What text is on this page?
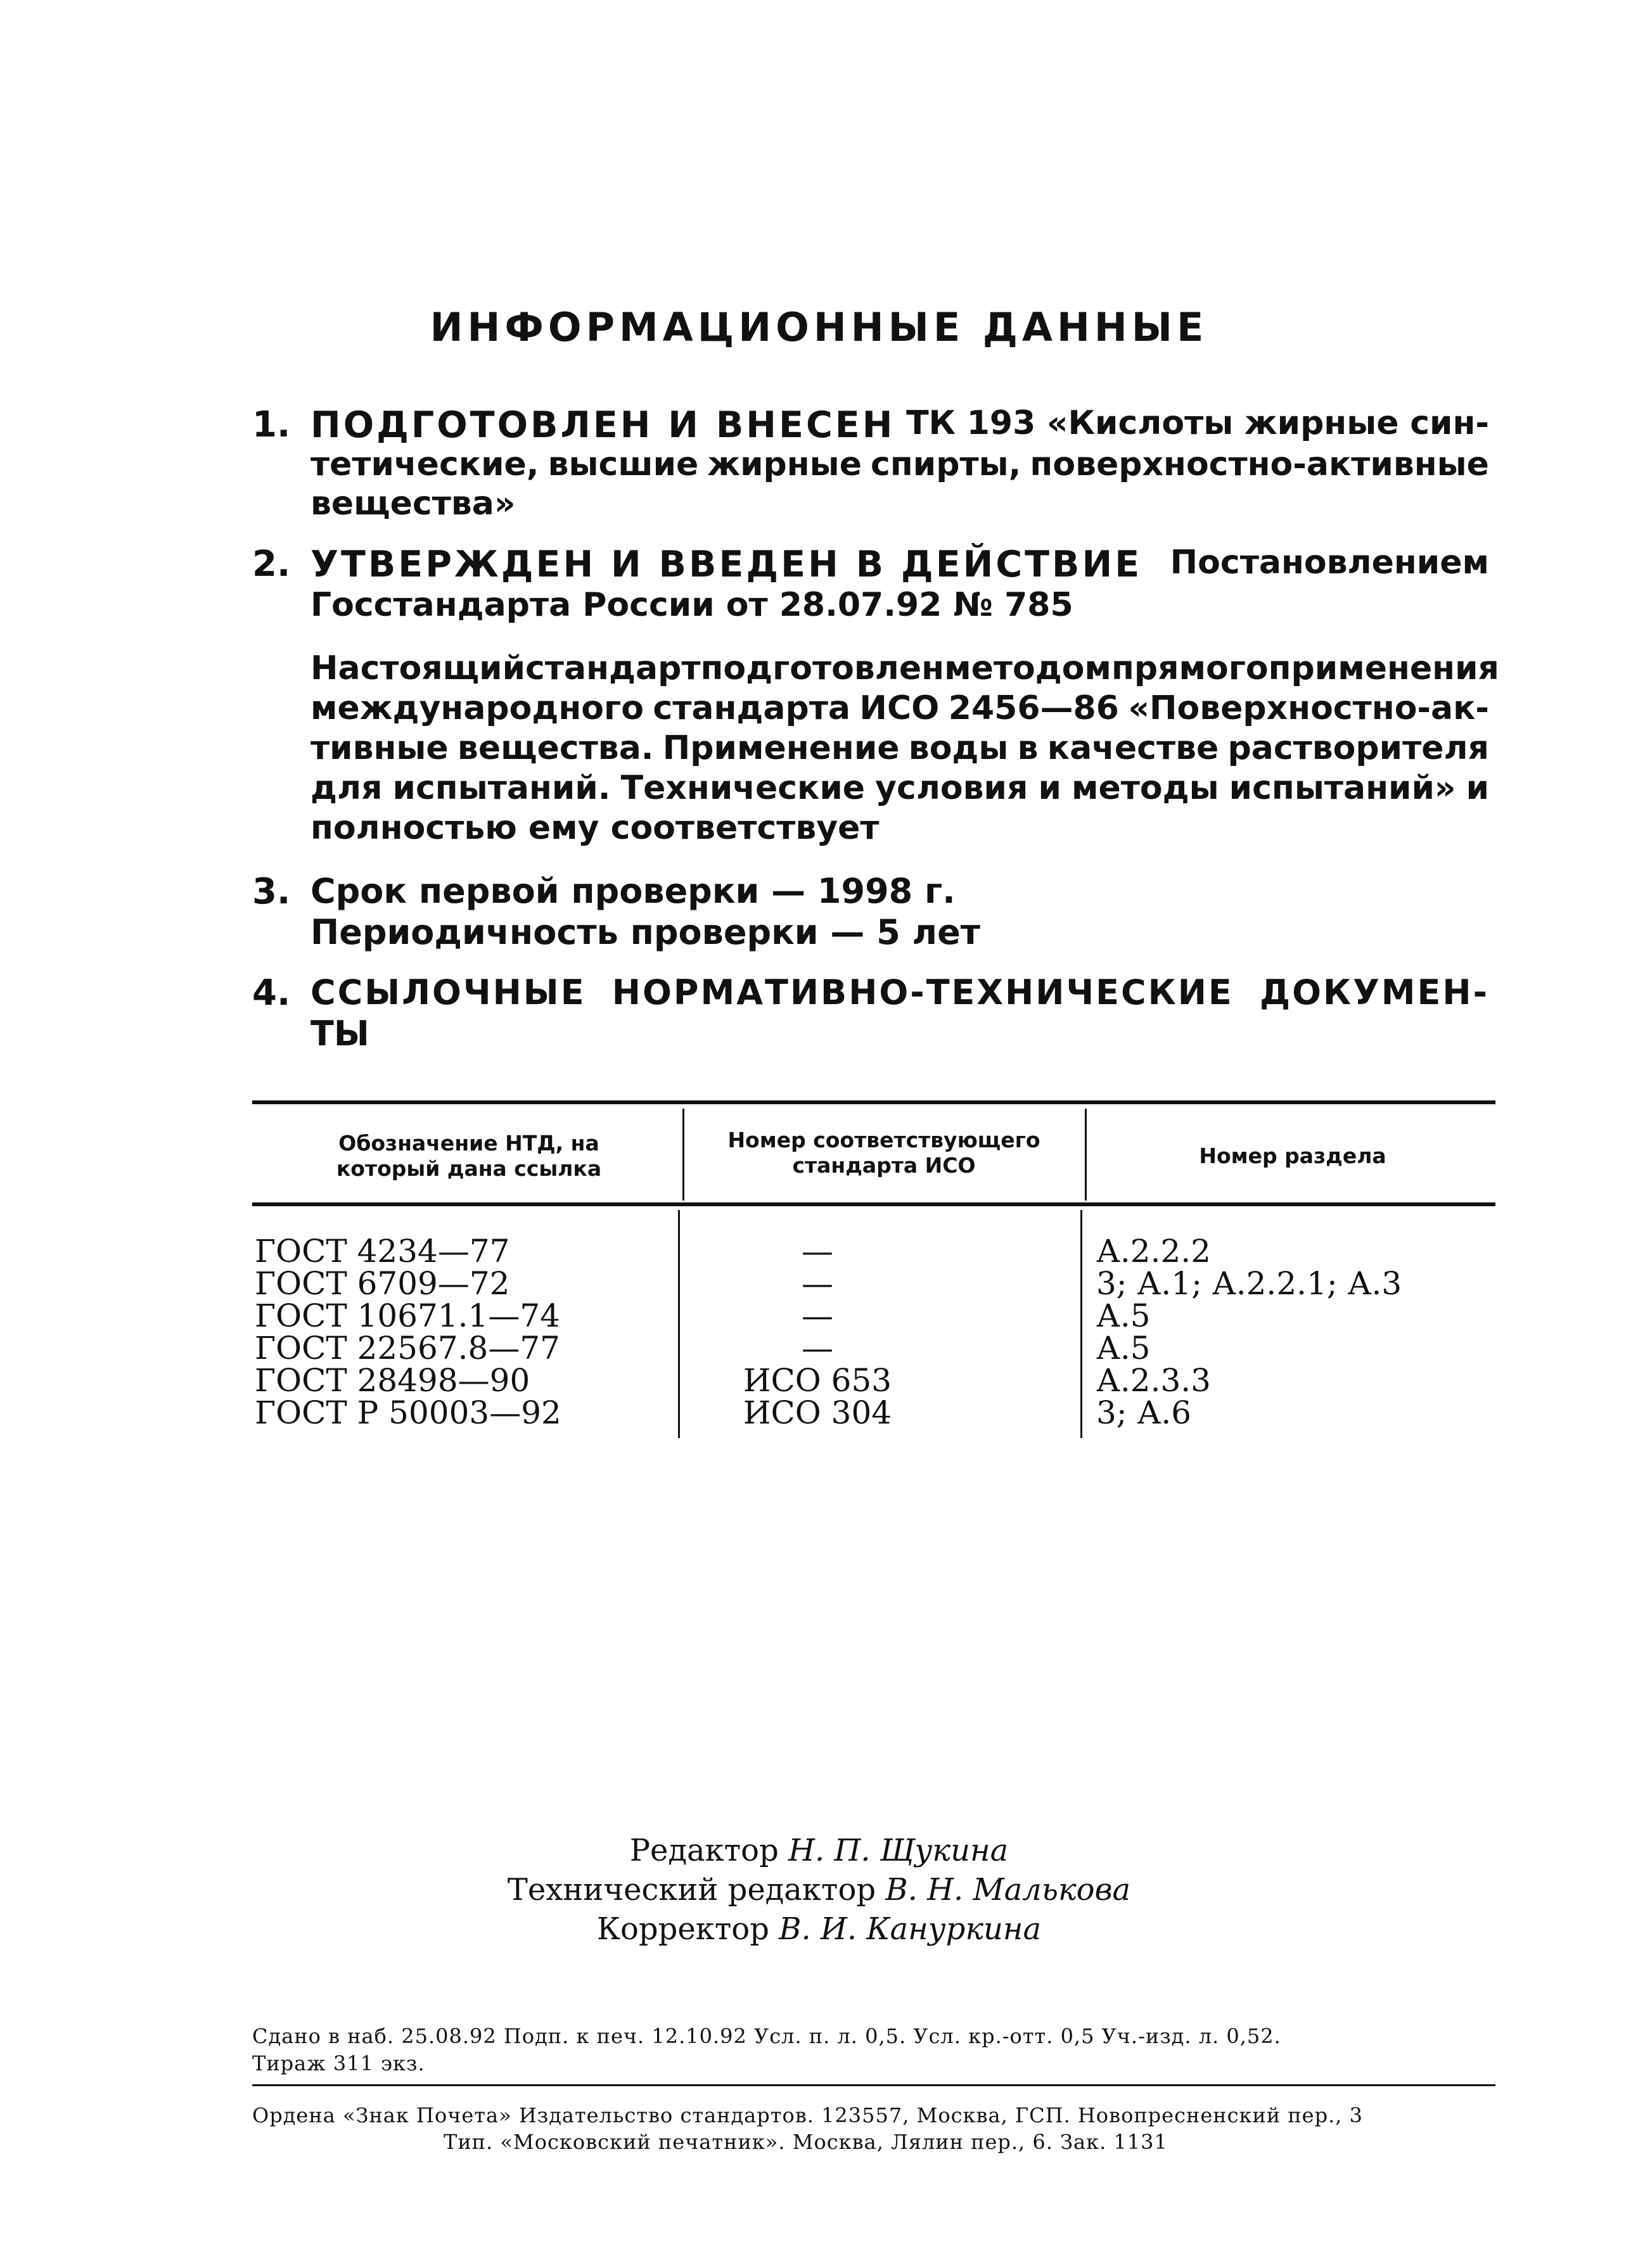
ИНФОРМАЦИОННЫЕ ДАННЫЕ
1. ПОДГОТОВЛЕН И ВНЕСЕН ТК 193 «Кислоты жирные син-
тетические, высшие жирные спирты, поверхностно-активные
вещества»
2. УТВЕРЖДЕН И ВВЕДЕН В ДЕЙСТВИЕ Постановлением
Госстандарта России от 28.07.92 № 785
Настоящий стандарт подготовлен методом прямого применения
международного стандарта ИСО 2456—86 «Поверхностно-ак-
тивные вещества. Применение воды в качестве растворителя
для испытаний. Технические условия и методы испытаний» и
полностью ему соответствует
3. Срок первой проверки — 1998 г.
Периодичность проверки — 5 лет
4. ССЫЛОЧНЫЕ НОРМАТИВНО-ТЕХНИЧЕСКИЕ ДОКУМЕН-
ТЫ
Обозначение НТД, на
который дана ссылка
Номер соответствующего
стандарта ИСО	Номер раздела
ГОСТ 4234—77
ГОСТ 6709—72
ГОСТ 10671.1—74
ГОСТ 22567.8—77
ГОСТ 28498—90
ГОСТ Р 50003—92
—
—
—
—
ИСО 653
ИСО 304
А.2.2.2
3; А.1; А.2.2.1; А.3
А.5
А.5
А.2.3.3
3; А.6
Редактор Н. П. Щукина
Технический редактор В. Н. Малькова
Корректор В. И. Кануркина
Сдано в наб. 25.08.92 Подп. к печ. 12.10.92 Усл. п. л. 0,5. Усл. кр.-отт. 0,5 Уч.-изд. л. 0,52.
Тираж 311 экз.
Ордена «Знак Почета» Издательство стандартов. 123557, Москва, ГСП. Новопресненский пер., 3
Тип. «Московский печатник». Москва, Лялин пер., 6. Зак. 1131
